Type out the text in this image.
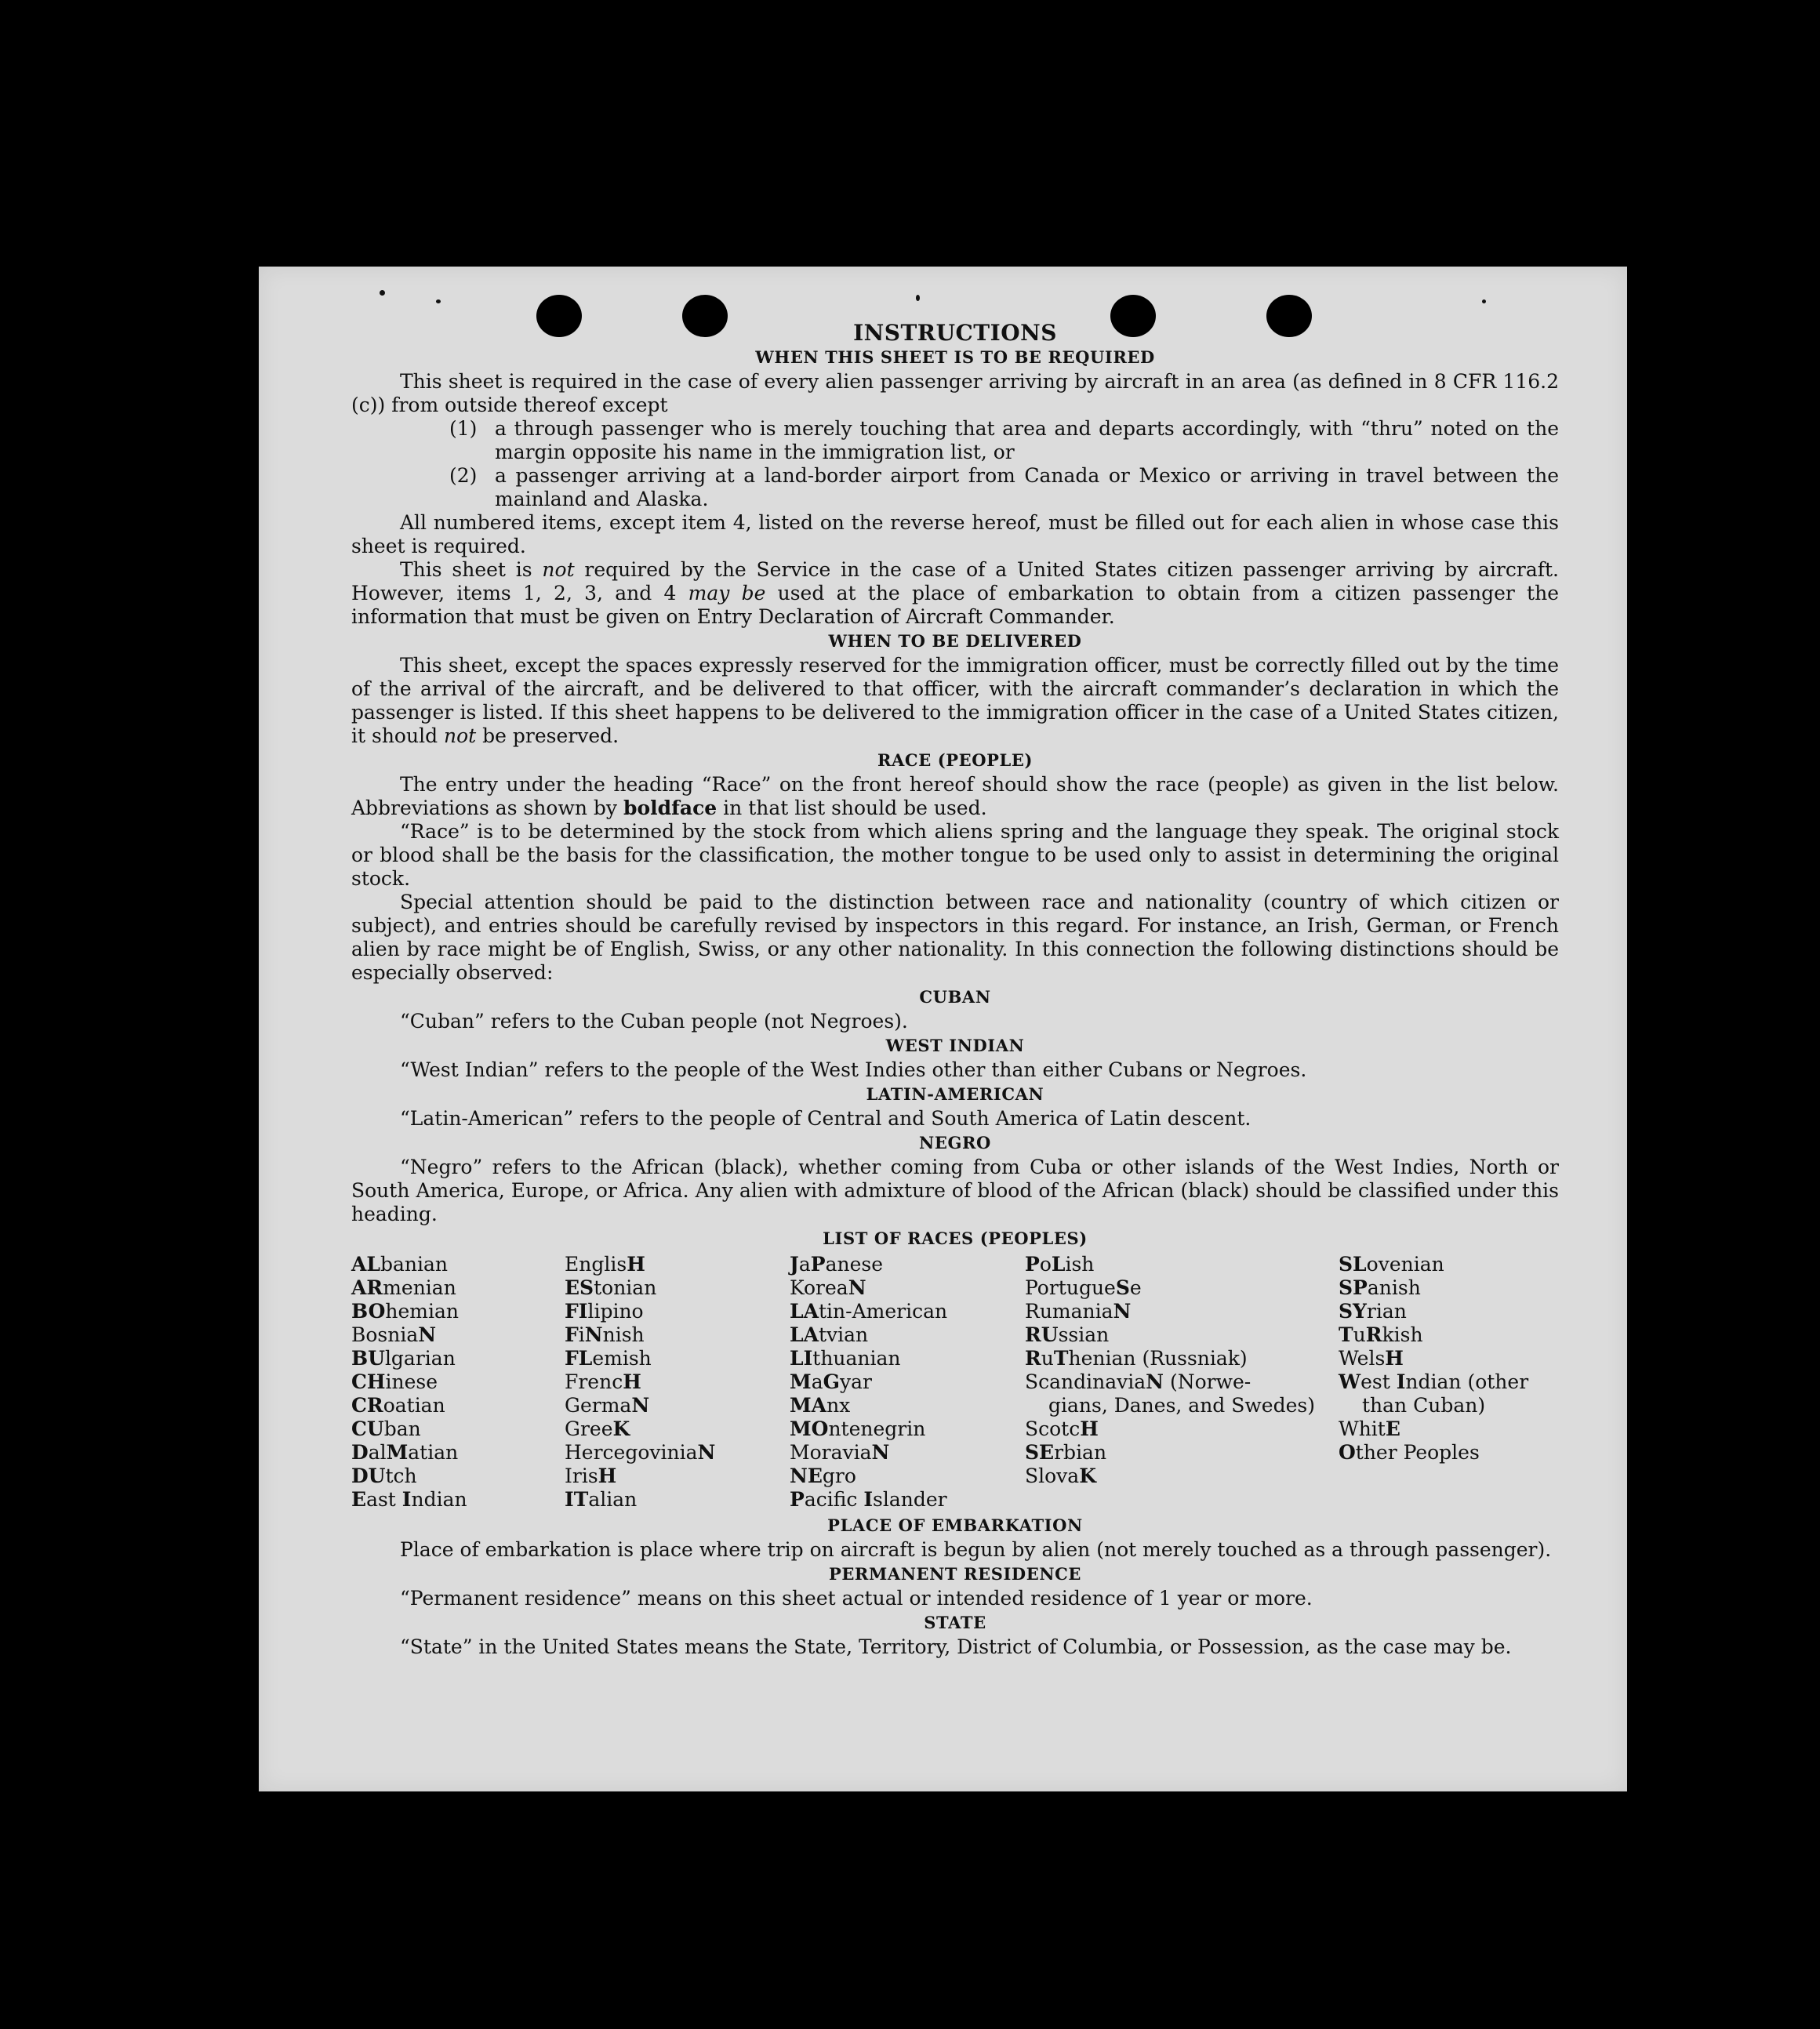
INSTRUCTIONS
WHEN THIS SHEET IS TO BE REQUIRED

This sheet is required in the case of every alien passenger arriving by aircraft in an area (as defined in 8 CFR 116.2 (c)) from outside thereof except

(1) a through passenger who is merely touching that area and departs accordingly, with “thru” noted on the margin opposite his name in the immigration list, or
(2) a passenger arriving at a land-border airport from Canada or Mexico or arriving in travel between the mainland and Alaska.

All numbered items, except item 4, listed on the reverse hereof, must be filled out for each alien in whose case this sheet is required.

This sheet is not required by the Service in the case of a United States citizen passenger arriving by aircraft. However, items 1, 2, 3, and 4 may be used at the place of embarkation to obtain from a citizen passenger the information that must be given on Entry Declaration of Aircraft Commander.

WHEN TO BE DELIVERED

This sheet, except the spaces expressly reserved for the immigration officer, must be correctly filled out by the time of the arrival of the aircraft, and be delivered to that officer, with the aircraft commander’s declaration in which the passenger is listed. If this sheet happens to be delivered to the immigration officer in the case of a United States citizen, it should not be preserved.

RACE (PEOPLE)

The entry under the heading “Race” on the front hereof should show the race (people) as given in the list below. Abbreviations as shown by boldface in that list should be used.

“Race” is to be determined by the stock from which aliens spring and the language they speak. The original stock or blood shall be the basis for the classification, the mother tongue to be used only to assist in determining the original stock.

Special attention should be paid to the distinction between race and nationality (country of which citizen or subject), and entries should be carefully revised by inspectors in this regard. For instance, an Irish, German, or French alien by race might be of English, Swiss, or any other nationality. In this connection the following distinctions should be especially observed:

CUBAN
“Cuban” refers to the Cuban people (not Negroes).
WEST INDIAN
“West Indian” refers to the people of the West Indies other than either Cubans or Negroes.
LATIN-AMERICAN
“Latin-American” refers to the people of Central and South America of Latin descent.
NEGRO

“Negro” refers to the African (black), whether coming from Cuba or other islands of the West Indies, North or South America, Europe, or Africa. Any alien with admixture of blood of the African (black) should be classified under this heading.

LIST OF RACES (PEOPLES)
ALbanian
ARmenian
BOhemian
BosniaN
BUlgarian
CHinese
CRoatian
CUban
DalMatian
DUtch
East Indian
EnglisH
EStonian
FIlipino
FiNnish
FLemish
FrencH
GermaN
GreeK
HercegoviniaN
IrisH
ITalian
JaPanese
KoreaN
LAtin-American
LAtvian
LIthuanian
MaGyar
MAnx
MOntenegrin
MoraviaN
NEgro
Pacific Islander
PoLish
PortugueSe
RumaniaN
RUssian
RuThenian (Russniak)
ScandinaviaN (Norwe-
gians, Danes, and Swedes)
ScotcH
SErbian
SlovaK
SLovenian
SPanish
SYrian
TuRkish
WelsH
West Indian (other
than Cuban)
WhitE
Other Peoples
PLACE OF EMBARKATION

Place of embarkation is place where trip on aircraft is begun by alien (not merely touched as a through passenger).

PERMANENT RESIDENCE

“Permanent residence” means on this sheet actual or intended residence of 1 year or more.

STATE

“State” in the United States means the State, Territory, District of Columbia, or Possession, as the case may be.
